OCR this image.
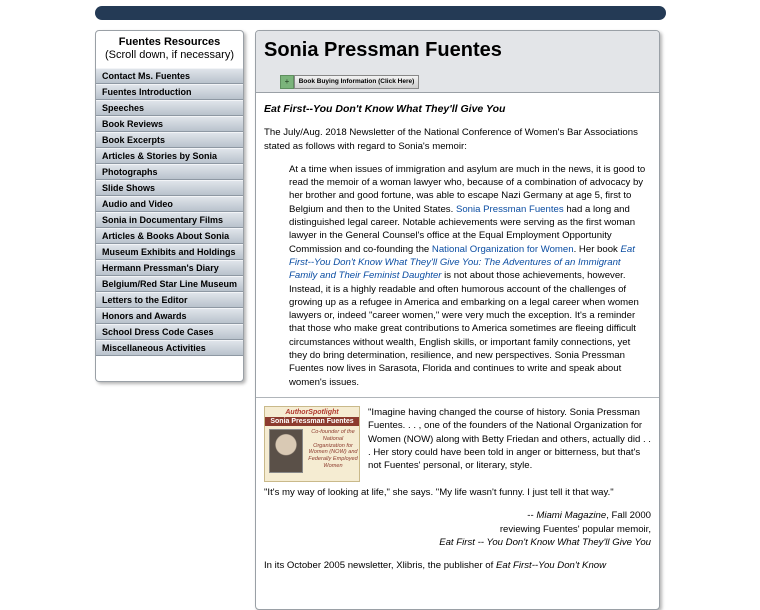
Fuentes Resources
(Scroll down, if necessary)
Contact Ms. Fuentes
Fuentes Introduction
Speeches
Book Reviews
Book Excerpts
Articles & Stories by Sonia
Photographs
Slide Shows
Audio and Video
Sonia in Documentary Films
Articles & Books About Sonia
Museum Exhibits and Holdings
Hermann Pressman's Diary
Belgium/Red Star Line Museum
Letters to the Editor
Honors and Awards
School Dress Code Cases
Miscellaneous Activities
Sonia Pressman Fuentes
+	Book Buying Information (Click Here)
Eat First--You Don't Know What They'll Give You

The July/Aug. 2018 Newsletter of the National Conference of Women's Bar Associations stated as follows with regard to Sonia's memoir:

At a time when issues of immigration and asylum are much in the news, it is good to read the memoir of a woman lawyer who, because of a combination of advocacy by her brother and good fortune, was able to escape Nazi Germany at age 5, first to Belgium and then to the United States. Sonia Pressman Fuentes had a long and distinguished legal career. Notable achievements were serving as the first woman lawyer in the General Counsel's office at the Equal Employment Opportunity Commission and co-founding the National Organization for Women. Her book Eat First--You Don't Know What They'll Give You: The Adventures of an Immigrant Family and Their Feminist Daughter is not about those achievements, however. Instead, it is a highly readable and often humorous account of the challenges of growing up as a refugee in America and embarking on a legal career when women lawyers or, indeed "career women," were very much the exception. It's a reminder that those who make great contributions to America sometimes are fleeing difficult circumstances without wealth, English skills, or important family connections, yet they do bring determination, resilience, and new perspectives. Sonia Pressman Fuentes now lives in Sarasota, Florida and continues to write and speak about women's issues.

AuthorSpotlight
Sonia Pressman Fuentes
Co-founder of the National Organization for Women (NOW) and Federally Employed Women

"Imagine having changed the course of history. Sonia Pressman Fuentes. . . , one of the founders of the National Organization for Women (NOW) along with Betty Friedan and others, actually did . . . Her story could have been told in anger or bitterness, but that's not Fuentes' personal, or literary, style.

"It's my way of looking at life," she says. "My life wasn't funny. I just tell it that way."

-- Miami Magazine, Fall 2000
reviewing Fuentes' popular memoir,
Eat First -- You Don't Know What They'll Give You

In its October 2005 newsletter, Xlibris, the publisher of Eat First--You Don't Know
